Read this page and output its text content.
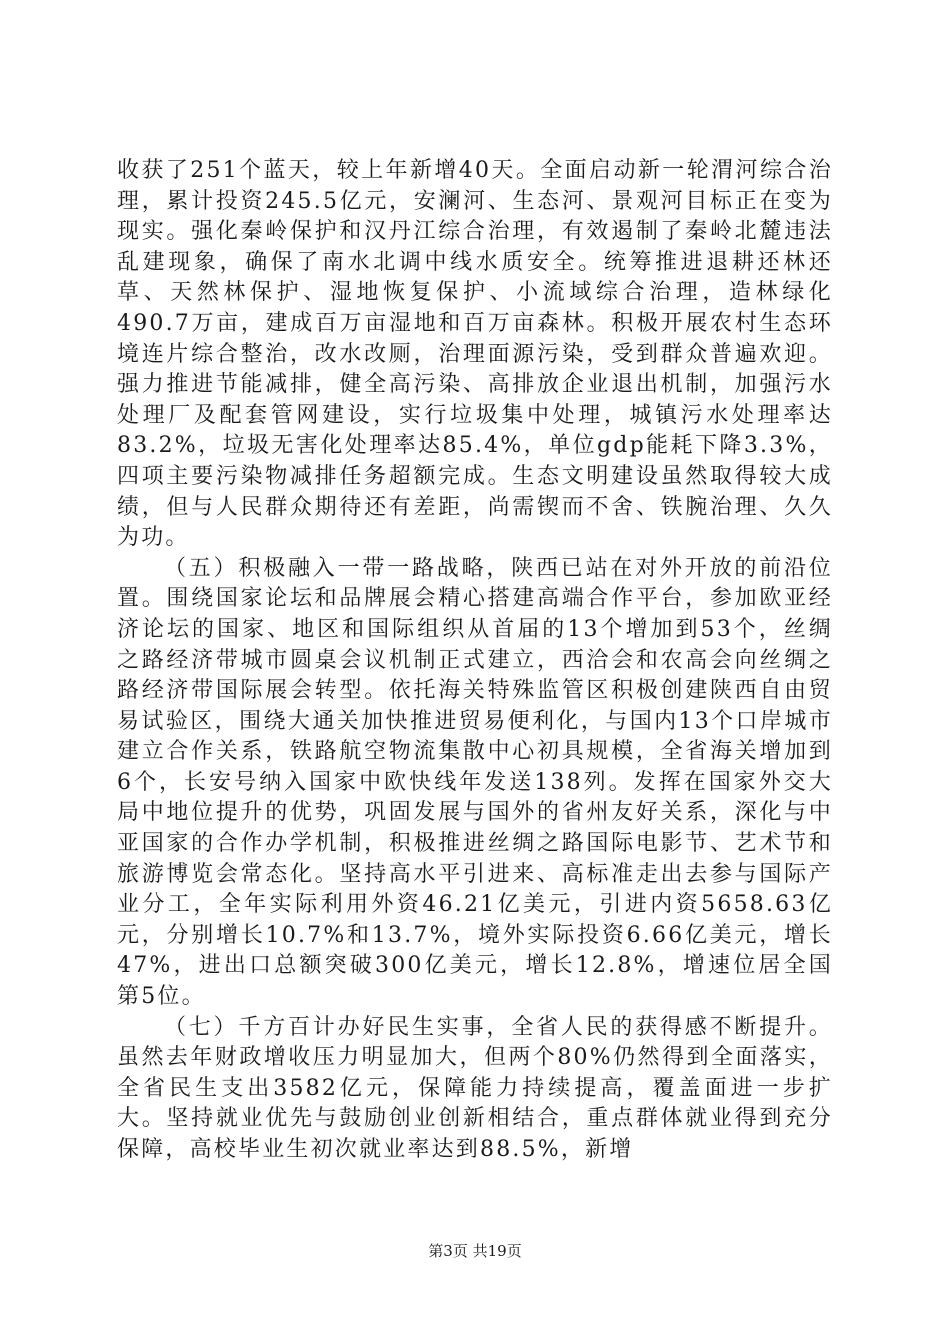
收获了251个蓝天，较上年新增40天。全面启动新一轮渭河综合治理，累计投资245.5亿元，安澜河、生态河、景观河目标正在变为现实。强化秦岭保护和汉丹江综合治理，有效遏制了秦岭北麓违法乱建现象，确保了南水北调中线水质安全。统筹推进退耕还林还草、天然林保护、湿地恢复保护、小流域综合治理，造林绿化490.7万亩，建成百万亩湿地和百万亩森林。积极开展农村生态环境连片综合整治，改水改厕，治理面源污染，受到群众普遍欢迎。强力推进节能减排，健全高污染、高排放企业退出机制，加强污水处理厂及配套管网建设，实行垃圾集中处理，城镇污水处理率达83.2%，垃圾无害化处理率达85.4%，单位gdp能耗下降3.3%，四项主要污染物减排任务超额完成。生态文明建设虽然取得较大成绩，但与人民群众期待还有差距，尚需锲而不舍、铁腕治理、久久为功。

（五）积极融入一带一路战略，陕西已站在对外开放的前沿位置。围绕国家论坛和品牌展会精心搭建高端合作平台，参加欧亚经济论坛的国家、地区和国际组织从首届的13个增加到53个，丝绸之路经济带城市圆桌会议机制正式建立，西洽会和农高会向丝绸之路经济带国际展会转型。依托海关特殊监管区积极创建陕西自由贸易试验区，围绕大通关加快推进贸易便利化，与国内13个口岸城市建立合作关系，铁路航空物流集散中心初具规模，全省海关增加到6个，长安号纳入国家中欧快线年发送138列。发挥在国家外交大局中地位提升的优势，巩固发展与国外的省州友好关系，深化与中亚国家的合作办学机制，积极推进丝绸之路国际电影节、艺术节和旅游博览会常态化。坚持高水平引进来、高标准走出去参与国际产业分工，全年实际利用外资46.21亿美元，引进内资5658.63亿元，分别增长10.7%和13.7%，境外实际投资6.66亿美元，增长47%，进出口总额突破300亿美元，增长12.8%，增速位居全国第5位。

（七）千方百计办好民生实事，全省人民的获得感不断提升。虽然去年财政增收压力明显加大，但两个80%仍然得到全面落实，全省民生支出3582亿元，保障能力持续提高，覆盖面进一步扩大。坚持就业优先与鼓励创业创新相结合，重点群体就业得到充分保障，高校毕业生初次就业率达到88.5%，新增

第3页 共19页
